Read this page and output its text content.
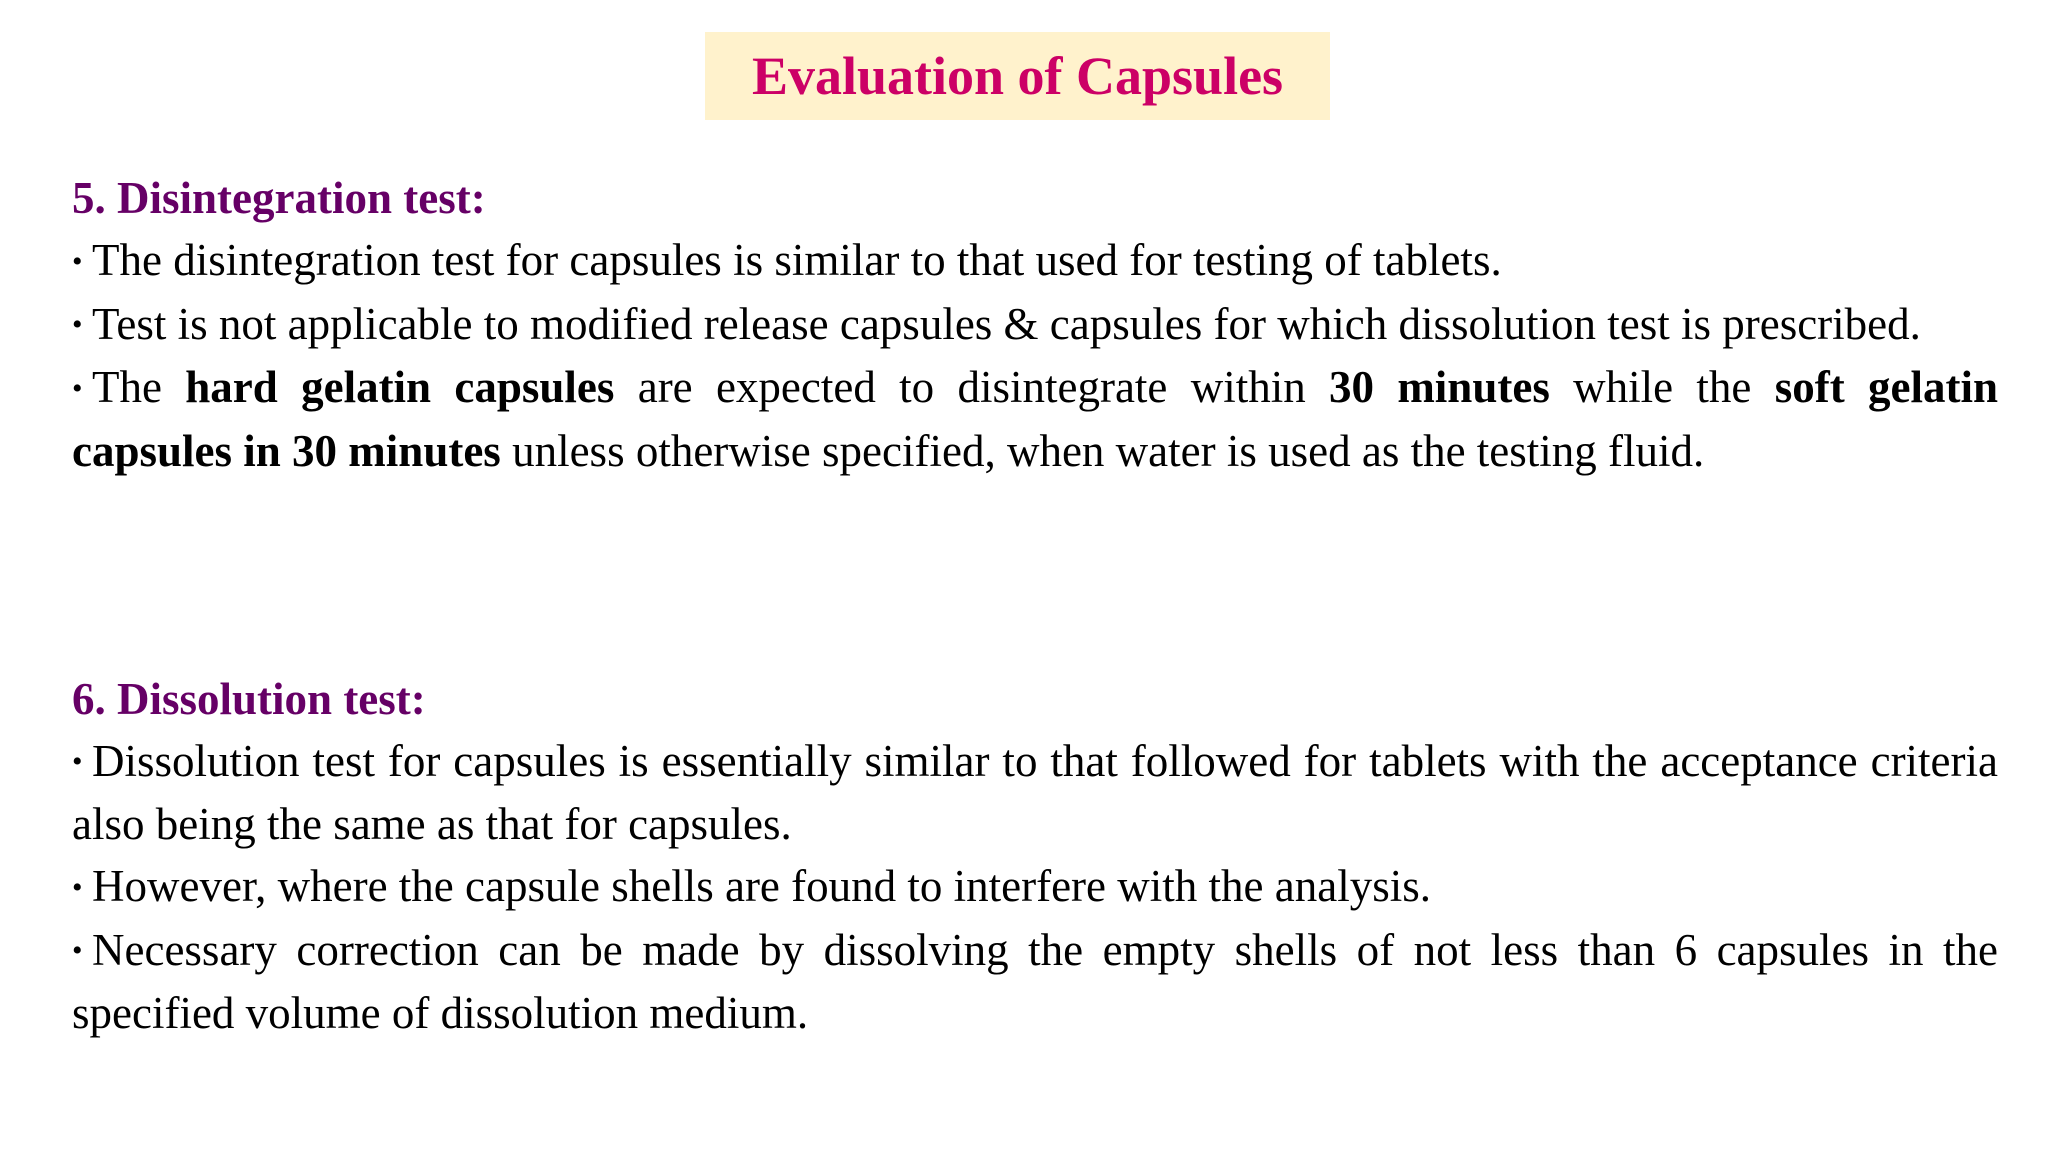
Evaluation of Capsules

5. Disintegration test:

• The disintegration test for capsules is similar to that used for testing of tablets.

• Test is not applicable to modified release capsules & capsules for which dissolution test is prescribed.

• The hard gelatin capsules are expected to disintegrate within 30 minutes while the soft gelatin capsules in 30 minutes unless otherwise specified, when water is used as the testing fluid.

6. Dissolution test:

• Dissolution test for capsules is essentially similar to that followed for tablets with the acceptance criteria also being the same as that for capsules.

• However, where the capsule shells are found to interfere with the analysis.

• Necessary correction can be made by dissolving the empty shells of not less than 6 capsules in the specified volume of dissolution medium.
